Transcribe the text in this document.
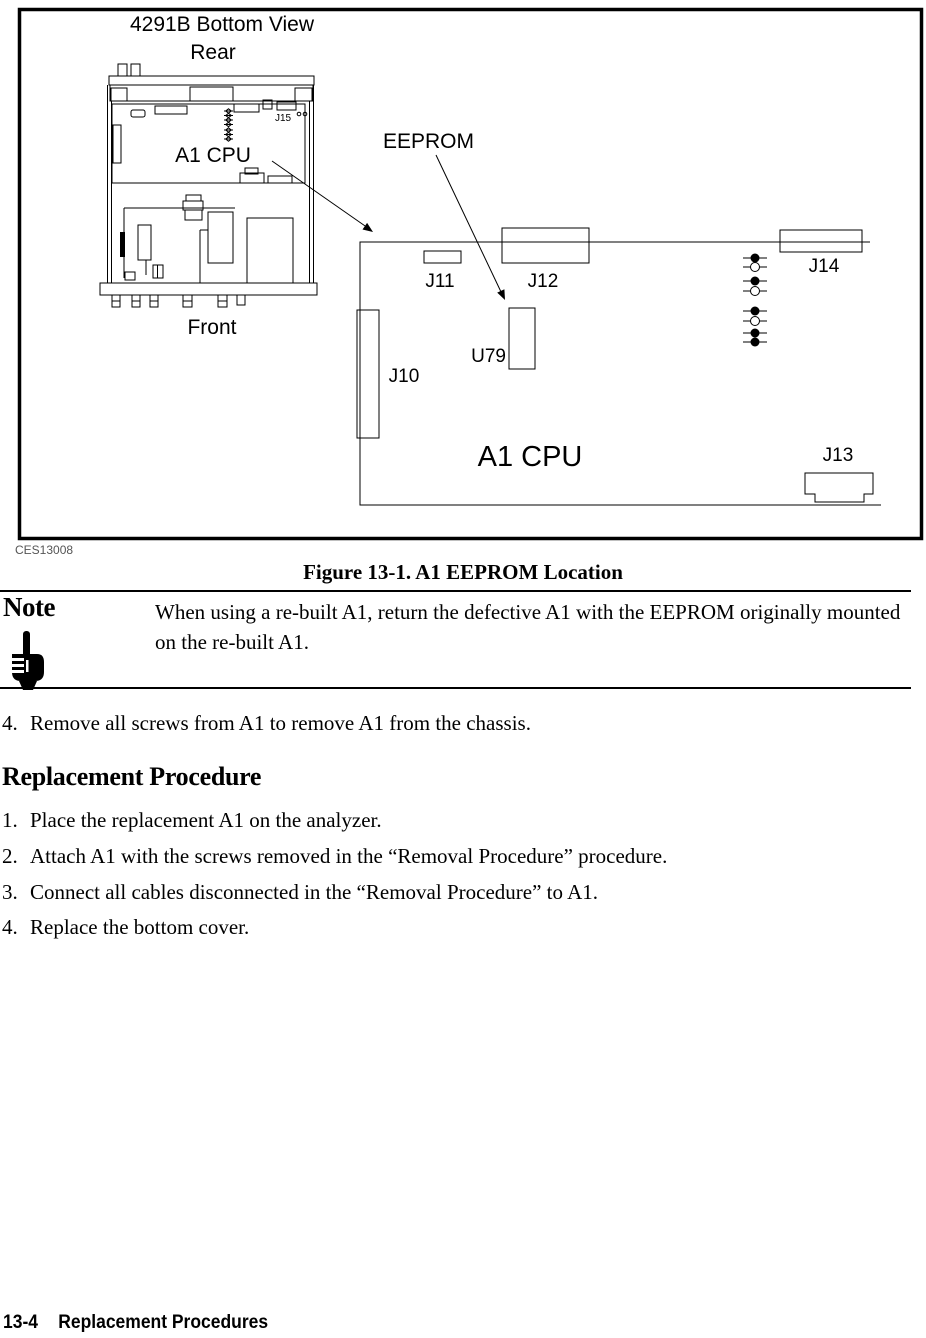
4291B Bottom View
Rear
J15
A1 CPU
Front
EEPROM
J11	J12
J14
J10
U79
J13
A1 CPU
CES13008
Figure 13-1. A1 EEPROM Location
Note	When using a re-built A1, return the defective A1 with the EEPROM originally mounted on the re-built A1.
4. Remove all screws from A1 to remove A1 from the chassis.
Replacement Procedure
1. Place the replacement A1 on the analyzer.
2. Attach A1 with the screws removed in the “Removal Procedure” procedure.
3. Connect all cables disconnected in the “Removal Procedure” to A1.
4. Replace the bottom cover.
13-4 Replacement Procedures
